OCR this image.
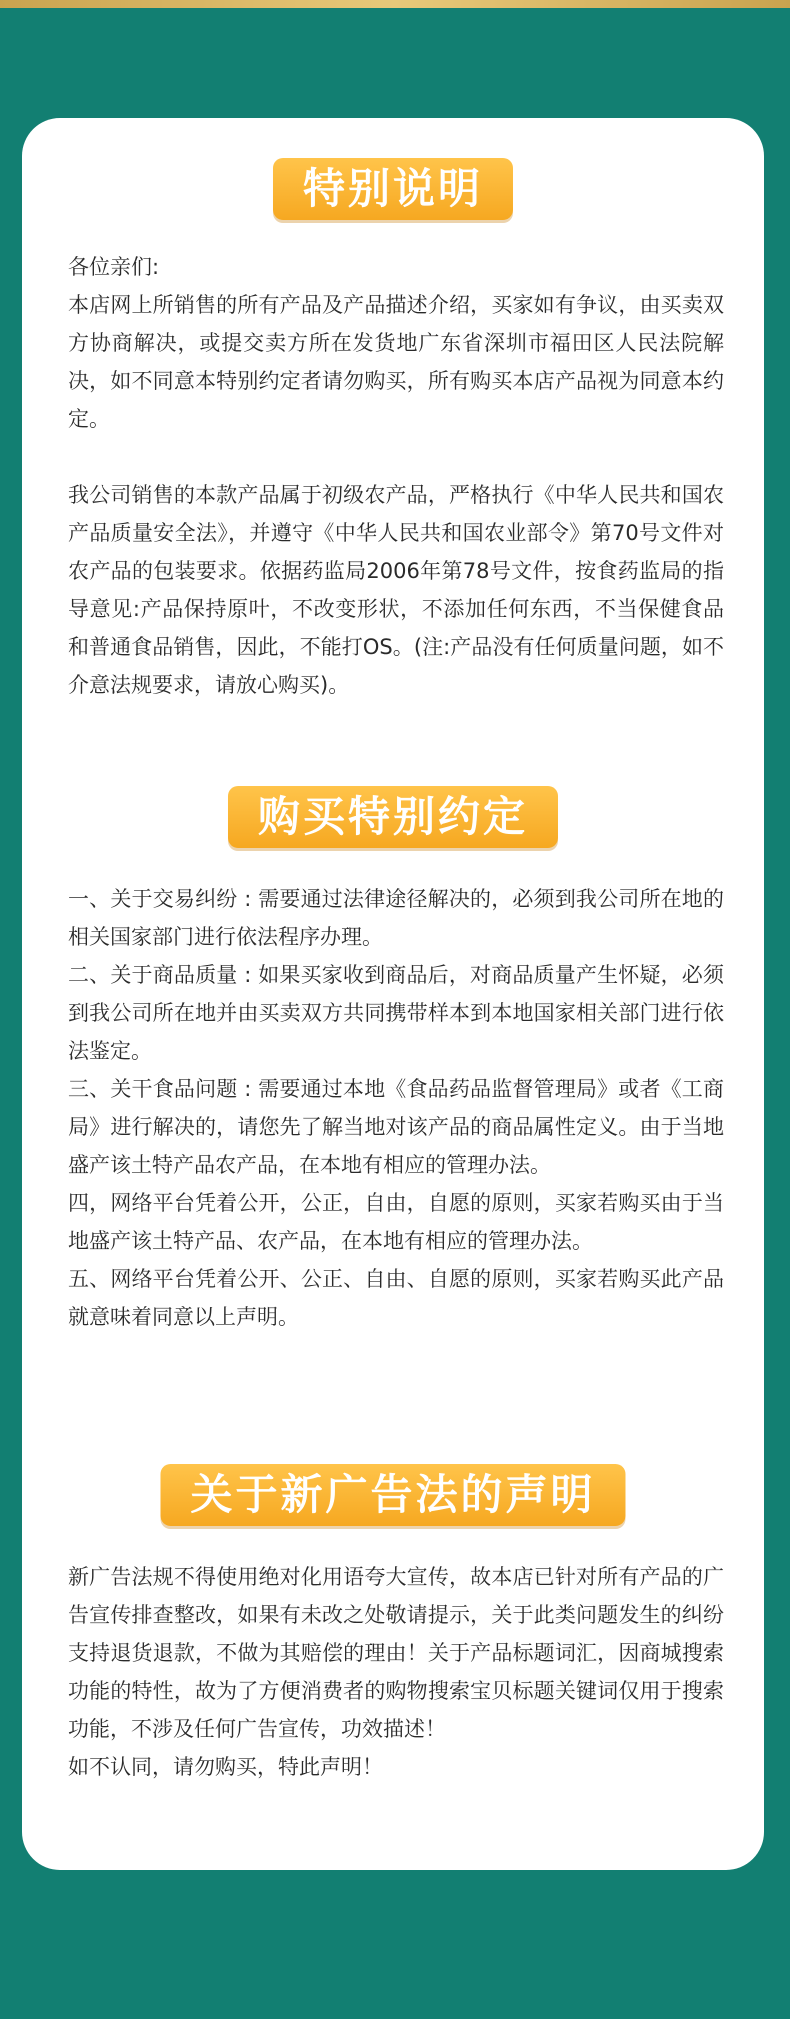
特别说明

各位亲们:

本店网上所销售的所有产品及产品描述介绍，买家如有争议，由买卖双方协商解决，或提交卖方所在发货地广东省深圳市福田区人民法院解决，如不同意本特别约定者请勿购买，所有购买本店产品视为同意本约定。

我公司销售的本款产品属于初级农产品，严格执行《中华人民共和国农产品质量安全法》，并遵守《中华人民共和国农业部令》第70号文件对农产品的包装要求。依据药监局2006年第78号文件，按食药监局的指导意见:产品保持原叶，不改变形状，不添加任何东西，不当保健食品和普通食品销售，因此，不能打OS。(注:产品没有任何质量问题，如不介意法规要求，请放心购买)。

购买特别约定

一、关于交易纠纷 : 需要通过法律途径解决的，必须到我公司所在地的相关国家部门进行依法程序办理。

二、关于商品质量 : 如果买家收到商品后，对商品质量产生怀疑，必须到我公司所在地并由买卖双方共同携带样本到本地国家相关部门进行依法鉴定。

三、关干食品问题 : 需要通过本地《食品药品监督管理局》或者《工商局》进行解决的，请您先了解当地对该产品的商品属性定义。由于当地盛产该土特产品农产品，在本地有相应的管理办法。

四，网络平台凭着公开，公正，自由，自愿的原则，买家若购买由于当地盛产该土特产品、农产品，在本地有相应的管理办法。

五、网络平台凭着公开、公正、自由、自愿的原则，买家若购买此产品就意味着同意以上声明。

关于新广告法的声明

新广告法规不得使用绝对化用语夸大宣传，故本店已针对所有产品的广告宣传排查整改，如果有未改之处敬请提示，关于此类问题发生的纠纷支持退货退款，不做为其赔偿的理由！关于产品标题词汇，因商城搜索功能的特性，故为了方便消费者的购物搜索宝贝标题关键词仅用于搜索功能，不涉及任何广告宣传，功效描述！

如不认同，请勿购买，特此声明！
